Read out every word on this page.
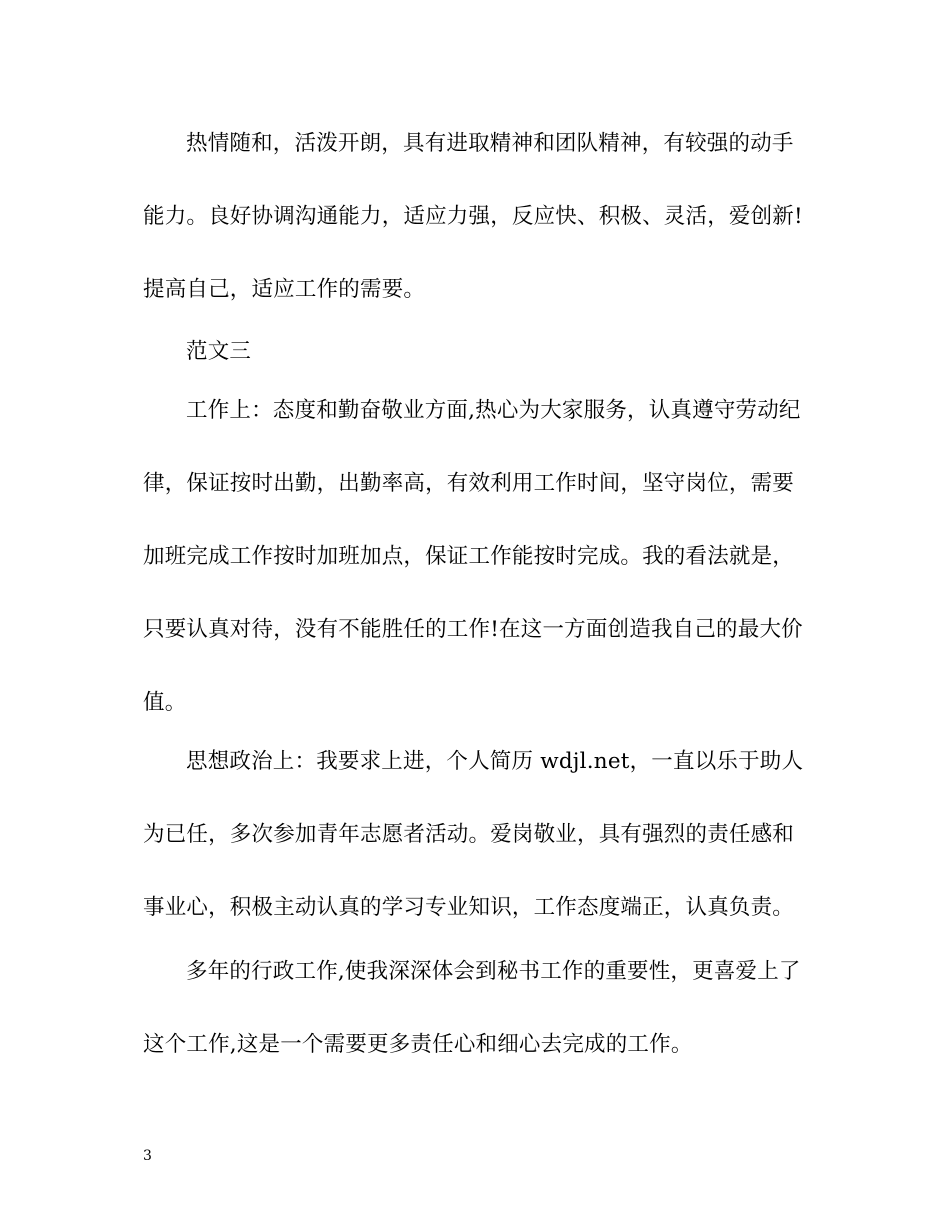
热情随和，活泼开朗，具有进取精神和团队精神，有较强的动手
能力。良好协调沟通能力，适应力强，反应快、积极、灵活，爱创新!
提高自己，适应工作的需要。
范文三
工作上：态度和勤奋敬业方面,热心为大家服务，认真遵守劳动纪
律，保证按时出勤，出勤率高，有效利用工作时间，坚守岗位，需要
加班完成工作按时加班加点，保证工作能按时完成。我的看法就是，
只要认真对待，没有不能胜任的工作!在这一方面创造我自己的最大价
值。
思想政治上：我要求上进，个人简历 wdjl.net，一直以乐于助人
为已任，多次参加青年志愿者活动。爱岗敬业，具有强烈的责任感和
事业心，积极主动认真的学习专业知识，工作态度端正，认真负责。
多年的行政工作,使我深深体会到秘书工作的重要性，更喜爱上了
这个工作,这是一个需要更多责任心和细心去完成的工作。
3
